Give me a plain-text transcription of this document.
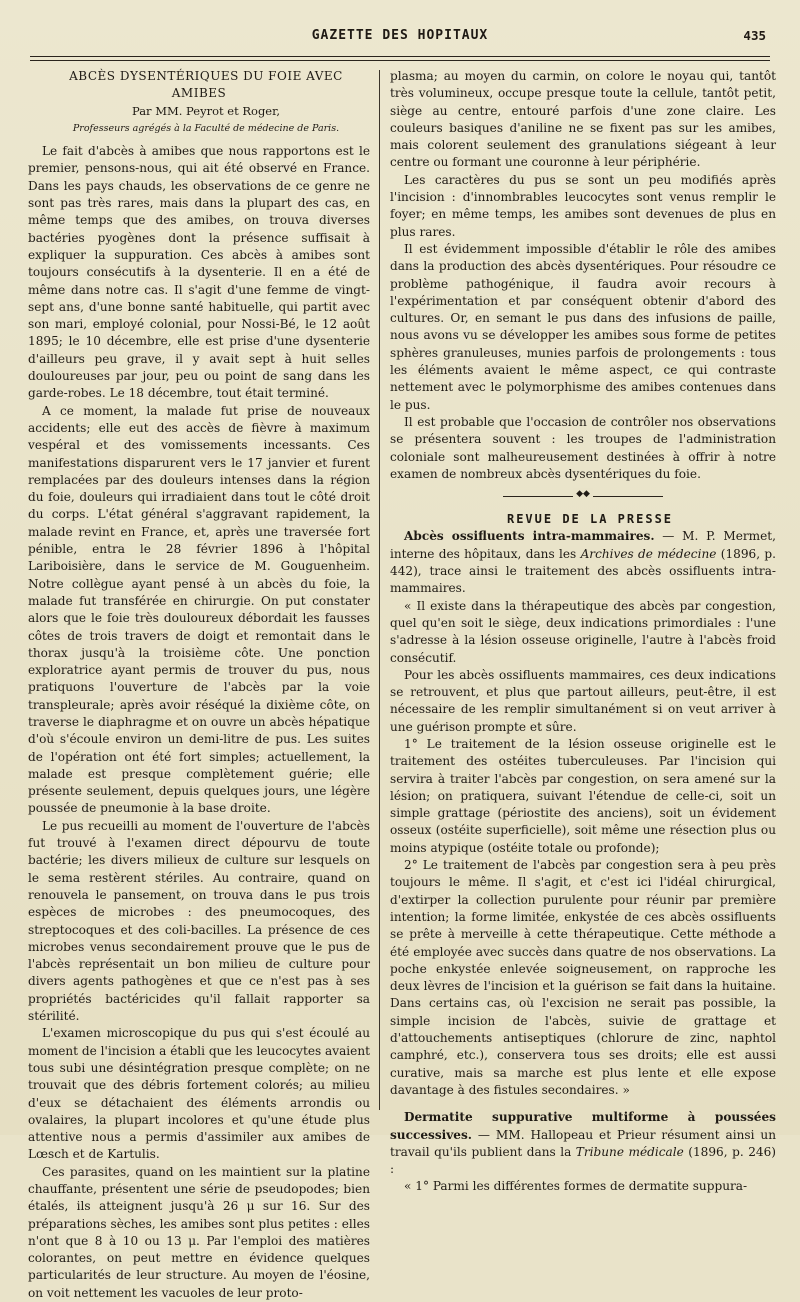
GAZETTE DES HOPITAUX	435

ABCÈS DYSENTÉRIQUES DU FOIE AVEC AMIBES

Par MM. Peyrot et Roger,

Professeurs agrégés à la Faculté de médecine de Paris.

Le fait d'abcès à amibes que nous rapportons est le premier, pensons-nous, qui ait été observé en France. Dans les pays chauds, les observations de ce genre ne sont pas très rares, mais dans la plupart des cas, en même temps que des amibes, on trouva diverses bactéries pyogènes dont la présence suffisait à expliquer la suppuration. Ces abcès à amibes sont toujours consécutifs à la dysenterie. Il en a été de même dans notre cas. Il s'agit d'une femme de vingt-sept ans, d'une bonne santé habituelle, qui partit avec son mari, employé colonial, pour Nossi-Bé, le 12 août 1895; le 10 décembre, elle est prise d'une dysenterie d'ailleurs peu grave, il y avait sept à huit selles douloureuses par jour, peu ou point de sang dans les garde-robes. Le 18 décembre, tout était terminé.

A ce moment, la malade fut prise de nouveaux accidents; elle eut des accès de fièvre à maximum vespéral et des vomissements incessants. Ces manifestations disparurent vers le 17 janvier et furent remplacées par des douleurs intenses dans la région du foie, douleurs qui irradiaient dans tout le côté droit du corps. L'état général s'aggravant rapidement, la malade revint en France, et, après une traversée fort pénible, entra le 28 février 1896 à l'hôpital Lariboisière, dans le service de M. Gouguenheim. Notre collègue ayant pensé à un abcès du foie, la malade fut transférée en chirurgie. On put constater alors que le foie très douloureux débordait les fausses côtes de trois travers de doigt et remontait dans le thorax jusqu'à la troisième côte. Une ponction exploratrice ayant permis de trouver du pus, nous pratiquons l'ouverture de l'abcès par la voie transpleurale; après avoir réséqué la dixième côte, on traverse le diaphragme et on ouvre un abcès hépatique d'où s'écoule environ un demi-litre de pus. Les suites de l'opération ont été fort simples; actuellement, la malade est presque complètement guérie; elle présente seulement, depuis quelques jours, une légère poussée de pneumonie à la base droite.

Le pus recueilli au moment de l'ouverture de l'abcès fut trouvé à l'examen direct dépourvu de toute bactérie; les divers milieux de culture sur lesquels on le sema restèrent stériles. Au contraire, quand on renouvela le pansement, on trouva dans le pus trois espèces de microbes : des pneumocoques, des streptocoques et des coli-bacilles. La présence de ces microbes venus secondairement prouve que le pus de l'abcès représentait un bon milieu de culture pour divers agents pathogènes et que ce n'est pas à ses propriétés bactéricides qu'il fallait rapporter sa stérilité.

L'examen microscopique du pus qui s'est écoulé au moment de l'incision a établi que les leucocytes avaient tous subi une désintégration presque complète; on ne trouvait que des débris fortement colorés; au milieu d'eux se détachaient des éléments arrondis ou ovalaires, la plupart incolores et qu'une étude plus attentive nous a permis d'assimiler aux amibes de Lœsch et de Kartulis.

Ces parasites, quand on les maintient sur la platine chauffante, présentent une série de pseudopodes; bien étalés, ils atteignent jusqu'à 26 μ sur 16. Sur des préparations sèches, les amibes sont plus petites : elles n'ont que 8 à 10 ou 13 μ. Par l'emploi des matières colorantes, on peut mettre en évidence quelques particularités de leur structure. Au moyen de l'éosine, on voit nettement les vacuoles de leur proto-

plasma; au moyen du carmin, on colore le noyau qui, tantôt très volumineux, occupe presque toute la cellule, tantôt petit, siège au centre, entouré parfois d'une zone claire. Les couleurs basiques d'aniline ne se fixent pas sur les amibes, mais colorent seulement des granulations siégeant à leur centre ou formant une couronne à leur périphérie.

Les caractères du pus se sont un peu modifiés après l'incision : d'innombrables leucocytes sont venus remplir le foyer; en même temps, les amibes sont devenues de plus en plus rares.

Il est évidemment impossible d'établir le rôle des amibes dans la production des abcès dysentériques. Pour résoudre ce problème pathogénique, il faudra avoir recours à l'expérimentation et par conséquent obtenir d'abord des cultures. Or, en semant le pus dans des infusions de paille, nous avons vu se développer les amibes sous forme de petites sphères granuleuses, munies parfois de prolongements : tous les éléments avaient le même aspect, ce qui contraste nettement avec le polymorphisme des amibes contenues dans le pus.

Il est probable que l'occasion de contrôler nos observations se présentera souvent : les troupes de l'administration coloniale sont malheureusement destinées à offrir à notre examen de nombreux abcès dysentériques du foie.

◆◆

REVUE DE LA PRESSE

Abcès ossifluents intra-mammaires. — M. P. Mermet, interne des hôpitaux, dans les Archives de médecine (1896, p. 442), trace ainsi le traitement des abcès ossifluents intra-mammaires.

« Il existe dans la thérapeutique des abcès par congestion, quel qu'en soit le siège, deux indications primordiales : l'une s'adresse à la lésion osseuse originelle, l'autre à l'abcès froid consécutif.

Pour les abcès ossifluents mammaires, ces deux indications se retrouvent, et plus que partout ailleurs, peut-être, il est nécessaire de les remplir simultanément si on veut arriver à une guérison prompte et sûre.

1° Le traitement de la lésion osseuse originelle est le traitement des ostéites tuberculeuses. Par l'incision qui servira à traiter l'abcès par congestion, on sera amené sur la lésion; on pratiquera, suivant l'étendue de celle-ci, soit un simple grattage (périostite des anciens), soit un évidement osseux (ostéite superficielle), soit même une résection plus ou moins atypique (ostéite totale ou profonde);

2° Le traitement de l'abcès par congestion sera à peu près toujours le même. Il s'agit, et c'est ici l'idéal chirurgical, d'extirper la collection purulente pour réunir par première intention; la forme limitée, enkystée de ces abcès ossifluents se prête à merveille à cette thérapeutique. Cette méthode a été employée avec succès dans quatre de nos observations. La poche enkystée enlevée soigneusement, on rapproche les deux lèvres de l'incision et la guérison se fait dans la huitaine. Dans certains cas, où l'excision ne serait pas possible, la simple incision de l'abcès, suivie de grattage et d'attouchements antiseptiques (chlorure de zinc, naphtol camphré, etc.), conservera tous ses droits; elle est aussi curative, mais sa marche est plus lente et elle expose davantage à des fistules secondaires. »

Dermatite suppurative multiforme à poussées successives. — MM. Hallopeau et Prieur résument ainsi un travail qu'ils publient dans la Tribune médicale (1896, p. 246) :

« 1° Parmi les différentes formes de dermatite suppura-
